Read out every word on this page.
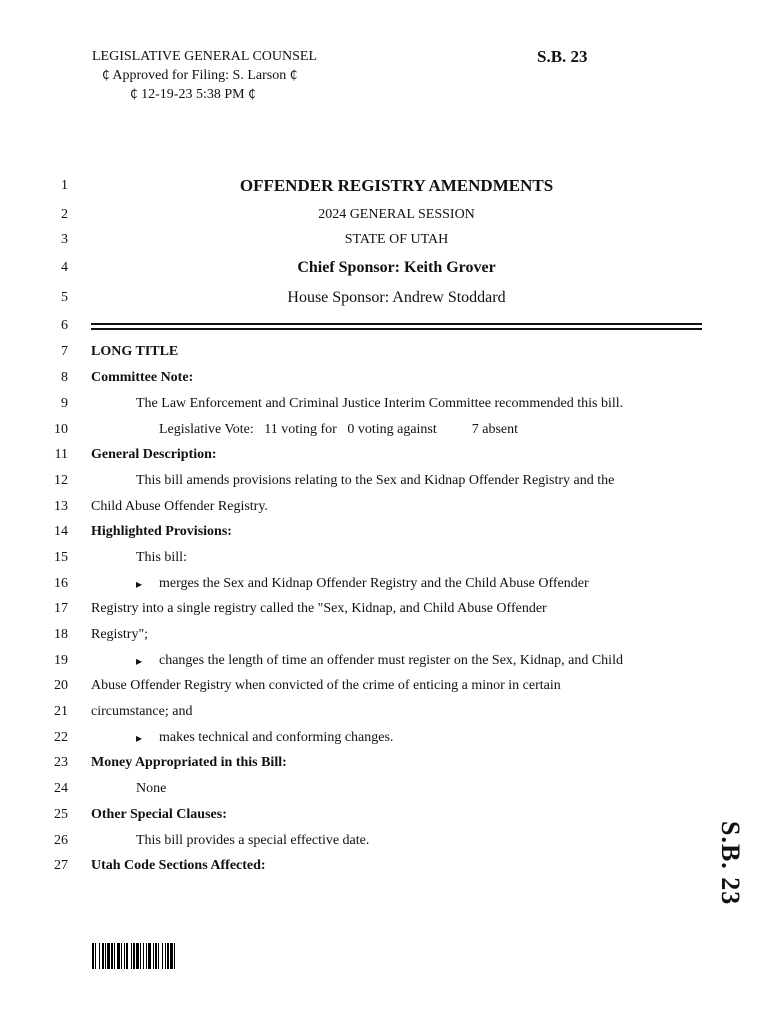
LEGISLATIVE GENERAL COUNSEL
₵ Approved for Filing: S. Larson ₵
₵ 12-19-23 5:38 PM ₵
S.B. 23
1	OFFENDER REGISTRY AMENDMENTS
2	2024 GENERAL SESSION
3	STATE OF UTAH
4	Chief Sponsor: Keith Grover
5	House Sponsor: Andrew Stoddard
6
7 LONG TITLE
8 Committee Note:
9	The Law Enforcement and Criminal Justice Interim Committee recommended this bill.
10	Legislative Vote:   11 voting for   0 voting against          7 absent
11 General Description:
12	This bill amends provisions relating to the Sex and Kidnap Offender Registry and the
13 Child Abuse Offender Registry.
14 Highlighted Provisions:
15	This bill:
16	▸ merges the Sex and Kidnap Offender Registry and the Child Abuse Offender
17 Registry into a single registry called the "Sex, Kidnap, and Child Abuse Offender
18 Registry";
19	▸ changes the length of time an offender must register on the Sex, Kidnap, and Child
20 Abuse Offender Registry when convicted of the crime of enticing a minor in certain
21 circumstance; and
22	▸ makes technical and conforming changes.
23 Money Appropriated in this Bill:
24	None
25 Other Special Clauses:
26	This bill provides a special effective date.
27 Utah Code Sections Affected:	S.B. 23
